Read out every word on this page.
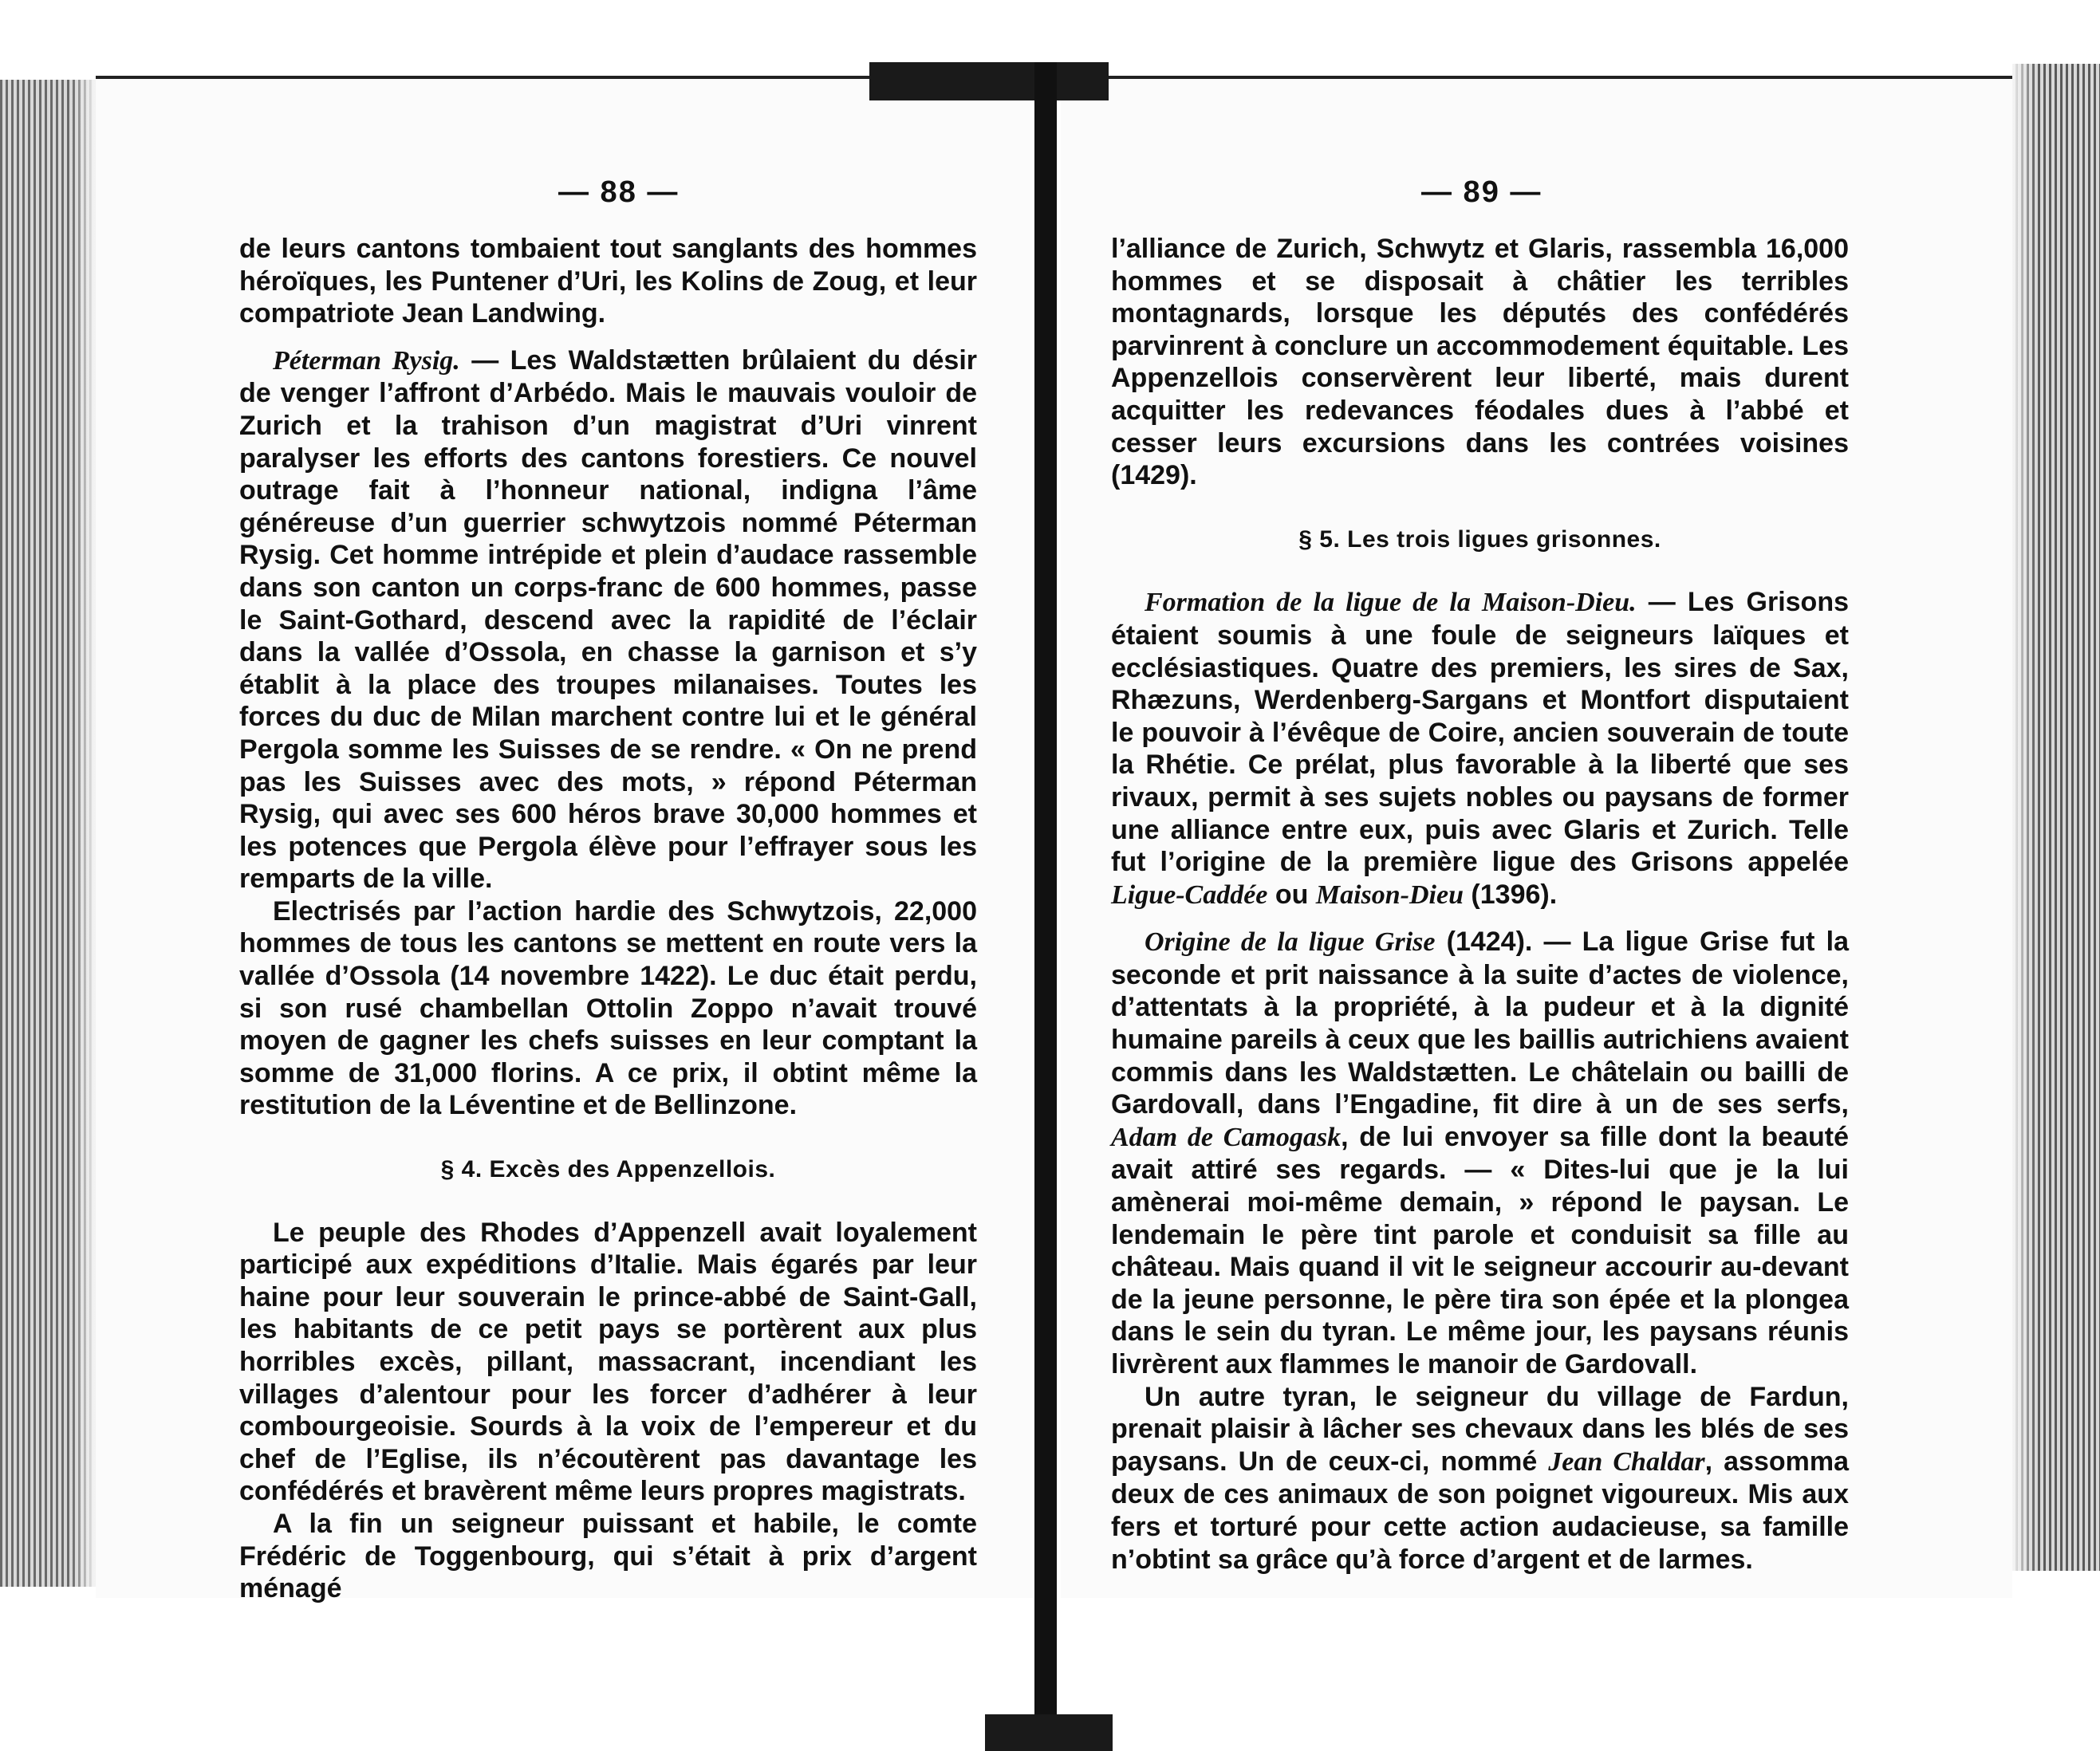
— 88 —	— 89 —

de leurs cantons tombaient tout sanglants des hommes héroïques, les Puntener d’Uri, les Kolins de Zoug, et leur compatriote Jean Landwing.

Péterman Rysig. — Les Waldstætten brûlaient du désir de venger l’affront d’Arbédo. Mais le mauvais vouloir de Zurich et la trahison d’un magistrat d’Uri vinrent paralyser les efforts des cantons forestiers. Ce nouvel outrage fait à l’honneur national, indigna l’âme généreuse d’un guerrier schwytzois nommé Péterman Rysig. Cet homme intrépide et plein d’audace rassemble dans son canton un corps-franc de 600 hommes, passe le Saint-Gothard, descend avec la rapidité de l’éclair dans la vallée d’Ossola, en chasse la garnison et s’y établit à la place des troupes milanaises. Toutes les forces du duc de Milan marchent contre lui et le général Pergola somme les Suisses de se rendre. « On ne prend pas les Suisses avec des mots, » répond Péterman Rysig, qui avec ses 600 héros brave 30,000 hommes et les potences que Pergola élève pour l’effrayer sous les remparts de la ville.

Electrisés par l’action hardie des Schwytzois, 22,000 hommes de tous les cantons se mettent en route vers la vallée d’Ossola (14 novembre 1422). Le duc était perdu, si son rusé chambellan Ottolin Zoppo n’avait trouvé moyen de gagner les chefs suisses en leur comptant la somme de 31,000 florins. A ce prix, il obtint même la restitution de la Léventine et de Bellinzone.

§ 4. Excès des Appenzellois.

Le peuple des Rhodes d’Appenzell avait loyalement participé aux expéditions d’Italie. Mais égarés par leur haine pour leur souverain le prince-abbé de Saint-Gall, les habitants de ce petit pays se portèrent aux plus horribles excès, pillant, massacrant, incendiant les villages d’alentour pour les forcer d’adhérer à leur combourgeoisie. Sourds à la voix de l’empereur et du chef de l’Eglise, ils n’écoutèrent pas davantage les confédérés et bravèrent même leurs propres magistrats.

A la fin un seigneur puissant et habile, le comte Frédéric de Toggenbourg, qui s’était à prix d’argent ménagé

l’alliance de Zurich, Schwytz et Glaris, rassembla 16,000 hommes et se disposait à châtier les terribles montagnards, lorsque les députés des confédérés parvinrent à conclure un accommodement équitable. Les Appenzellois conservèrent leur liberté, mais durent acquitter les redevances féodales dues à l’abbé et cesser leurs excursions dans les contrées voisines (1429).

§ 5. Les trois ligues grisonnes.

Formation de la ligue de la Maison-Dieu. — Les Grisons étaient soumis à une foule de seigneurs laïques et ecclésiastiques. Quatre des premiers, les sires de Sax, Rhæzuns, Werdenberg-Sargans et Montfort disputaient le pouvoir à l’évêque de Coire, ancien souverain de toute la Rhétie. Ce prélat, plus favorable à la liberté que ses rivaux, permit à ses sujets nobles ou paysans de former une alliance entre eux, puis avec Glaris et Zurich. Telle fut l’origine de la première ligue des Grisons appelée Ligue-Caddée ou Maison-Dieu (1396).

Origine de la ligue Grise (1424). — La ligue Grise fut la seconde et prit naissance à la suite d’actes de violence, d’attentats à la propriété, à la pudeur et à la dignité humaine pareils à ceux que les baillis autrichiens avaient commis dans les Waldstætten. Le châtelain ou bailli de Gardovall, dans l’Engadine, fit dire à un de ses serfs, Adam de Camogask, de lui envoyer sa fille dont la beauté avait attiré ses regards. — « Dites-lui que je la lui amènerai moi-même demain, » répond le paysan. Le lendemain le père tint parole et conduisit sa fille au château. Mais quand il vit le seigneur accourir au-devant de la jeune personne, le père tira son épée et la plongea dans le sein du tyran. Le même jour, les paysans réunis livrèrent aux flammes le manoir de Gardovall.

Un autre tyran, le seigneur du village de Fardun, prenait plaisir à lâcher ses chevaux dans les blés de ses paysans. Un de ceux-ci, nommé Jean Chaldar, assomma deux de ces animaux de son poignet vigoureux. Mis aux fers et torturé pour cette action audacieuse, sa famille n’obtint sa grâce qu’à force d’argent et de larmes.
